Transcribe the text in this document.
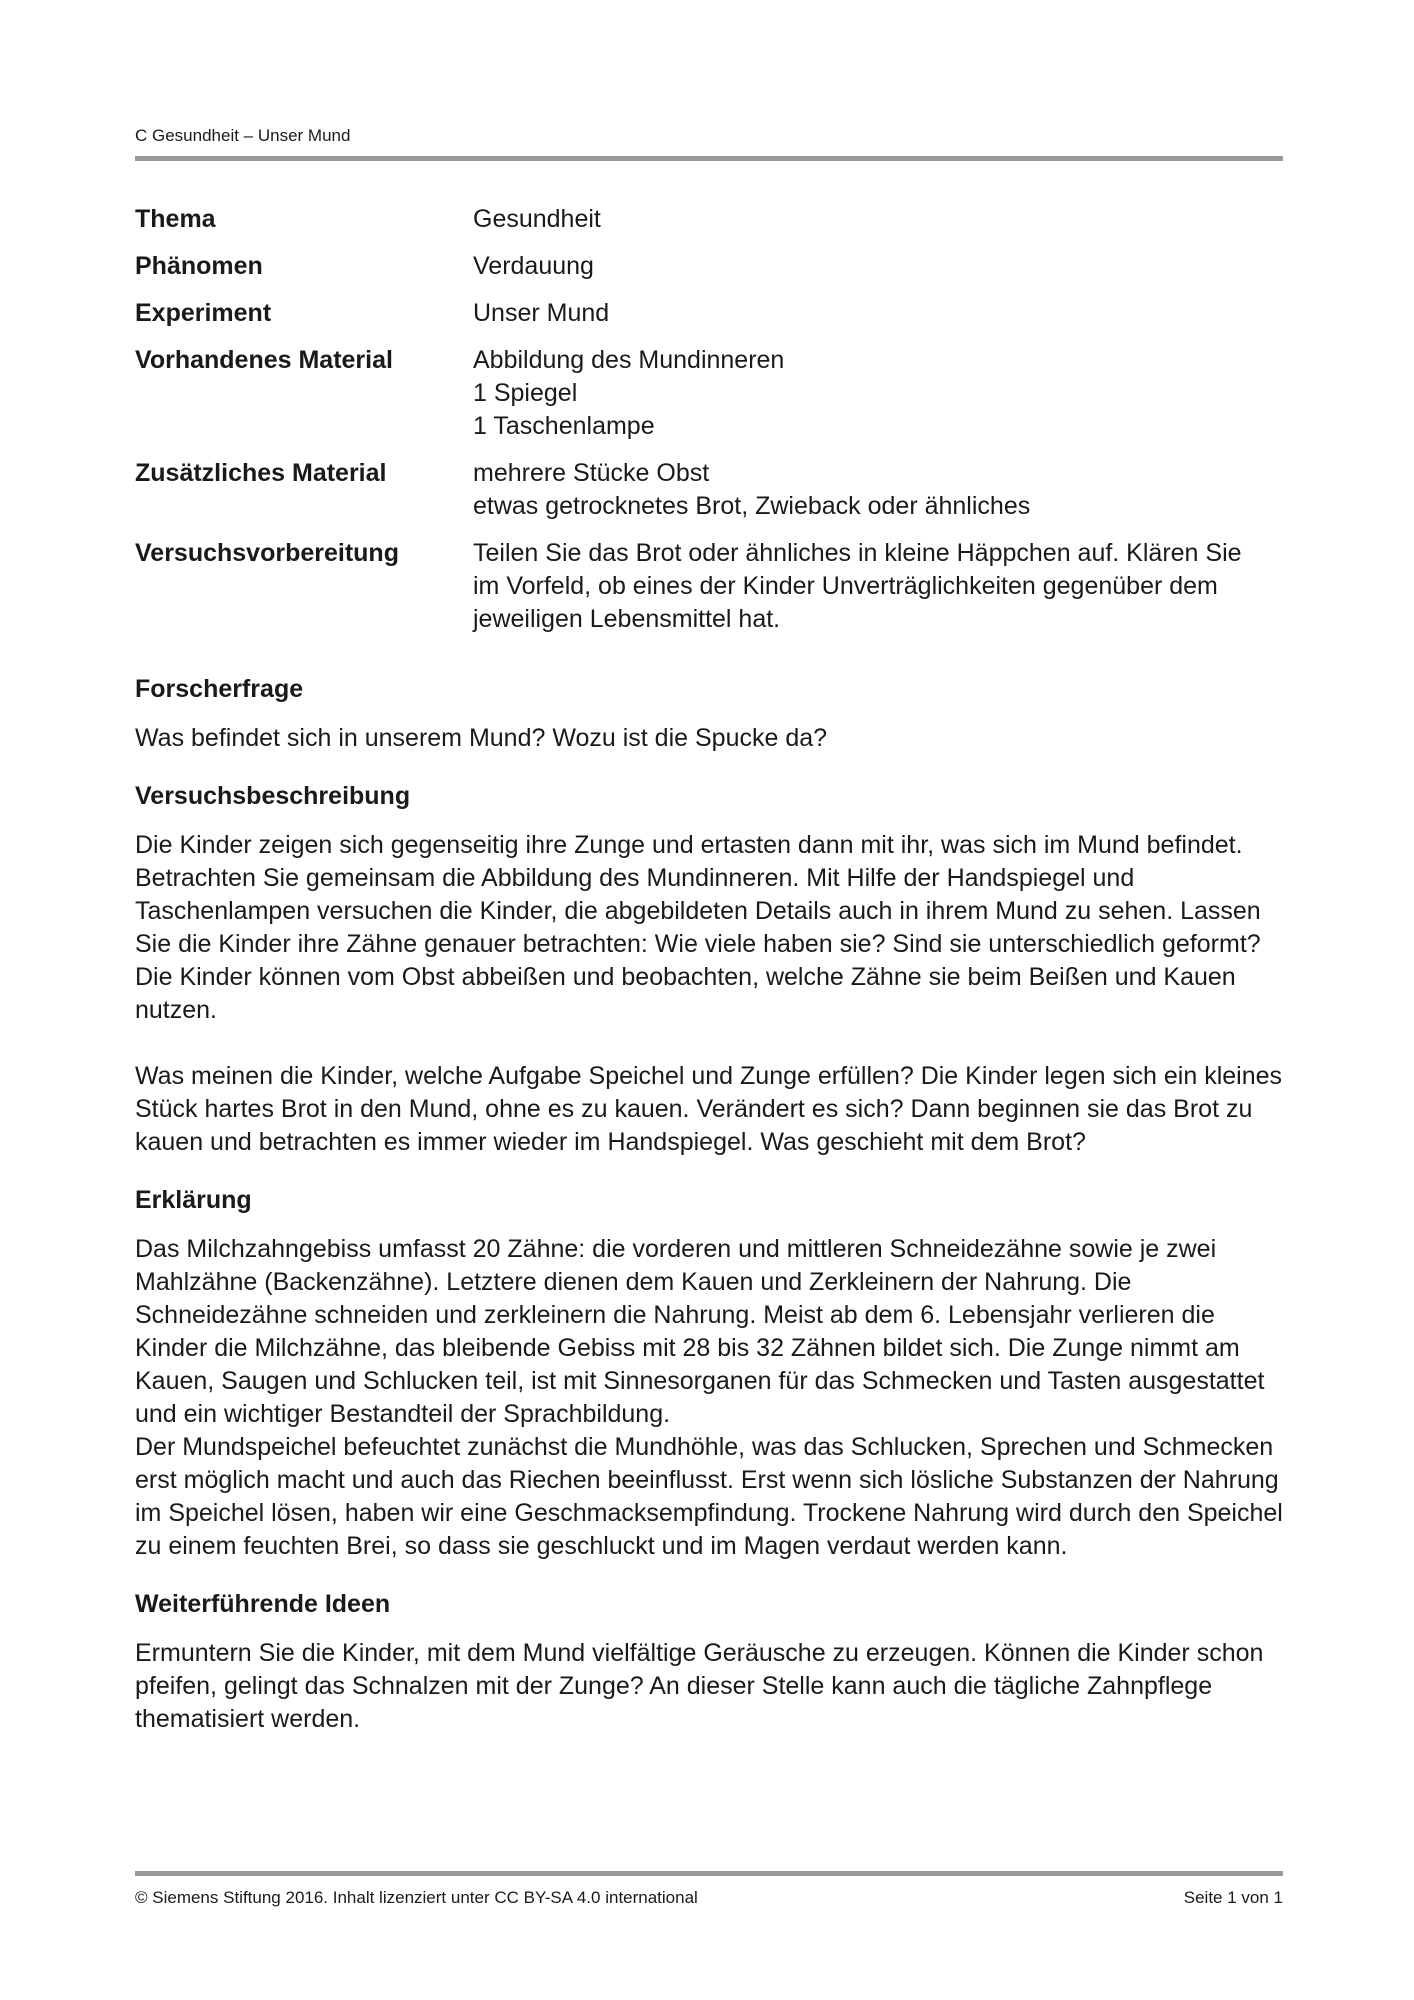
C Gesundheit – Unser Mund
Thema	Gesundheit
Phänomen	Verdauung
Experiment	Unser Mund
Vorhandenes Material	Abbildung des Mundinneren
1 Spiegel
1 Taschenlampe
Zusätzliches Material	mehrere Stücke Obst
etwas getrocknetes Brot, Zwieback oder ähnliches
Versuchsvorbereitung	Teilen Sie das Brot oder ähnliches in kleine Häppchen auf. Klären Sie
im Vorfeld, ob eines der Kinder Unverträglichkeiten gegenüber dem
jeweiligen Lebensmittel hat.
Forscherfrage

Was befindet sich in unserem Mund? Wozu ist die Spucke da?

Versuchsbeschreibung

Die Kinder zeigen sich gegenseitig ihre Zunge und ertasten dann mit ihr, was sich im Mund befindet. Betrachten Sie gemeinsam die Abbildung des Mundinneren. Mit Hilfe der Handspiegel und Taschenlampen versuchen die Kinder, die abgebildeten Details auch in ihrem Mund zu sehen. Lassen Sie die Kinder ihre Zähne genauer betrachten: Wie viele haben sie? Sind sie unterschiedlich geformt? Die Kinder können vom Obst abbeißen und beobachten, welche Zähne sie beim Beißen und Kauen nutzen.

Was meinen die Kinder, welche Aufgabe Speichel und Zunge erfüllen? Die Kinder legen sich ein kleines Stück hartes Brot in den Mund, ohne es zu kauen. Verändert es sich? Dann beginnen sie das Brot zu kauen und betrachten es immer wieder im Handspiegel. Was geschieht mit dem Brot?

Erklärung

Das Milchzahngebiss umfasst 20 Zähne: die vorderen und mittleren Schneidezähne sowie je zwei Mahlzähne (Backenzähne). Letztere dienen dem Kauen und Zerkleinern der Nahrung. Die Schneidezähne schneiden und zerkleinern die Nahrung. Meist ab dem 6. Lebensjahr verlieren die Kinder die Milchzähne, das bleibende Gebiss mit 28 bis 32 Zähnen bildet sich. Die Zunge nimmt am Kauen, Saugen und Schlucken teil, ist mit Sinnesorganen für das Schmecken und Tasten ausgestattet und ein wichtiger Bestandteil der Sprachbildung.

Der Mundspeichel befeuchtet zunächst die Mundhöhle, was das Schlucken, Sprechen und Schmecken erst möglich macht und auch das Riechen beeinflusst. Erst wenn sich lösliche Substanzen der Nahrung im Speichel lösen, haben wir eine Geschmacksempfindung. Trockene Nahrung wird durch den Speichel zu einem feuchten Brei, so dass sie geschluckt und im Magen verdaut werden kann.

Weiterführende Ideen

Ermuntern Sie die Kinder, mit dem Mund vielfältige Geräusche zu erzeugen. Können die Kinder schon pfeifen, gelingt das Schnalzen mit der Zunge? An dieser Stelle kann auch die tägliche Zahnpflege thematisiert werden.

© Siemens Stiftung 2016. Inhalt lizenziert unter CC BY-SA 4.0 international	Seite 1 von 1
